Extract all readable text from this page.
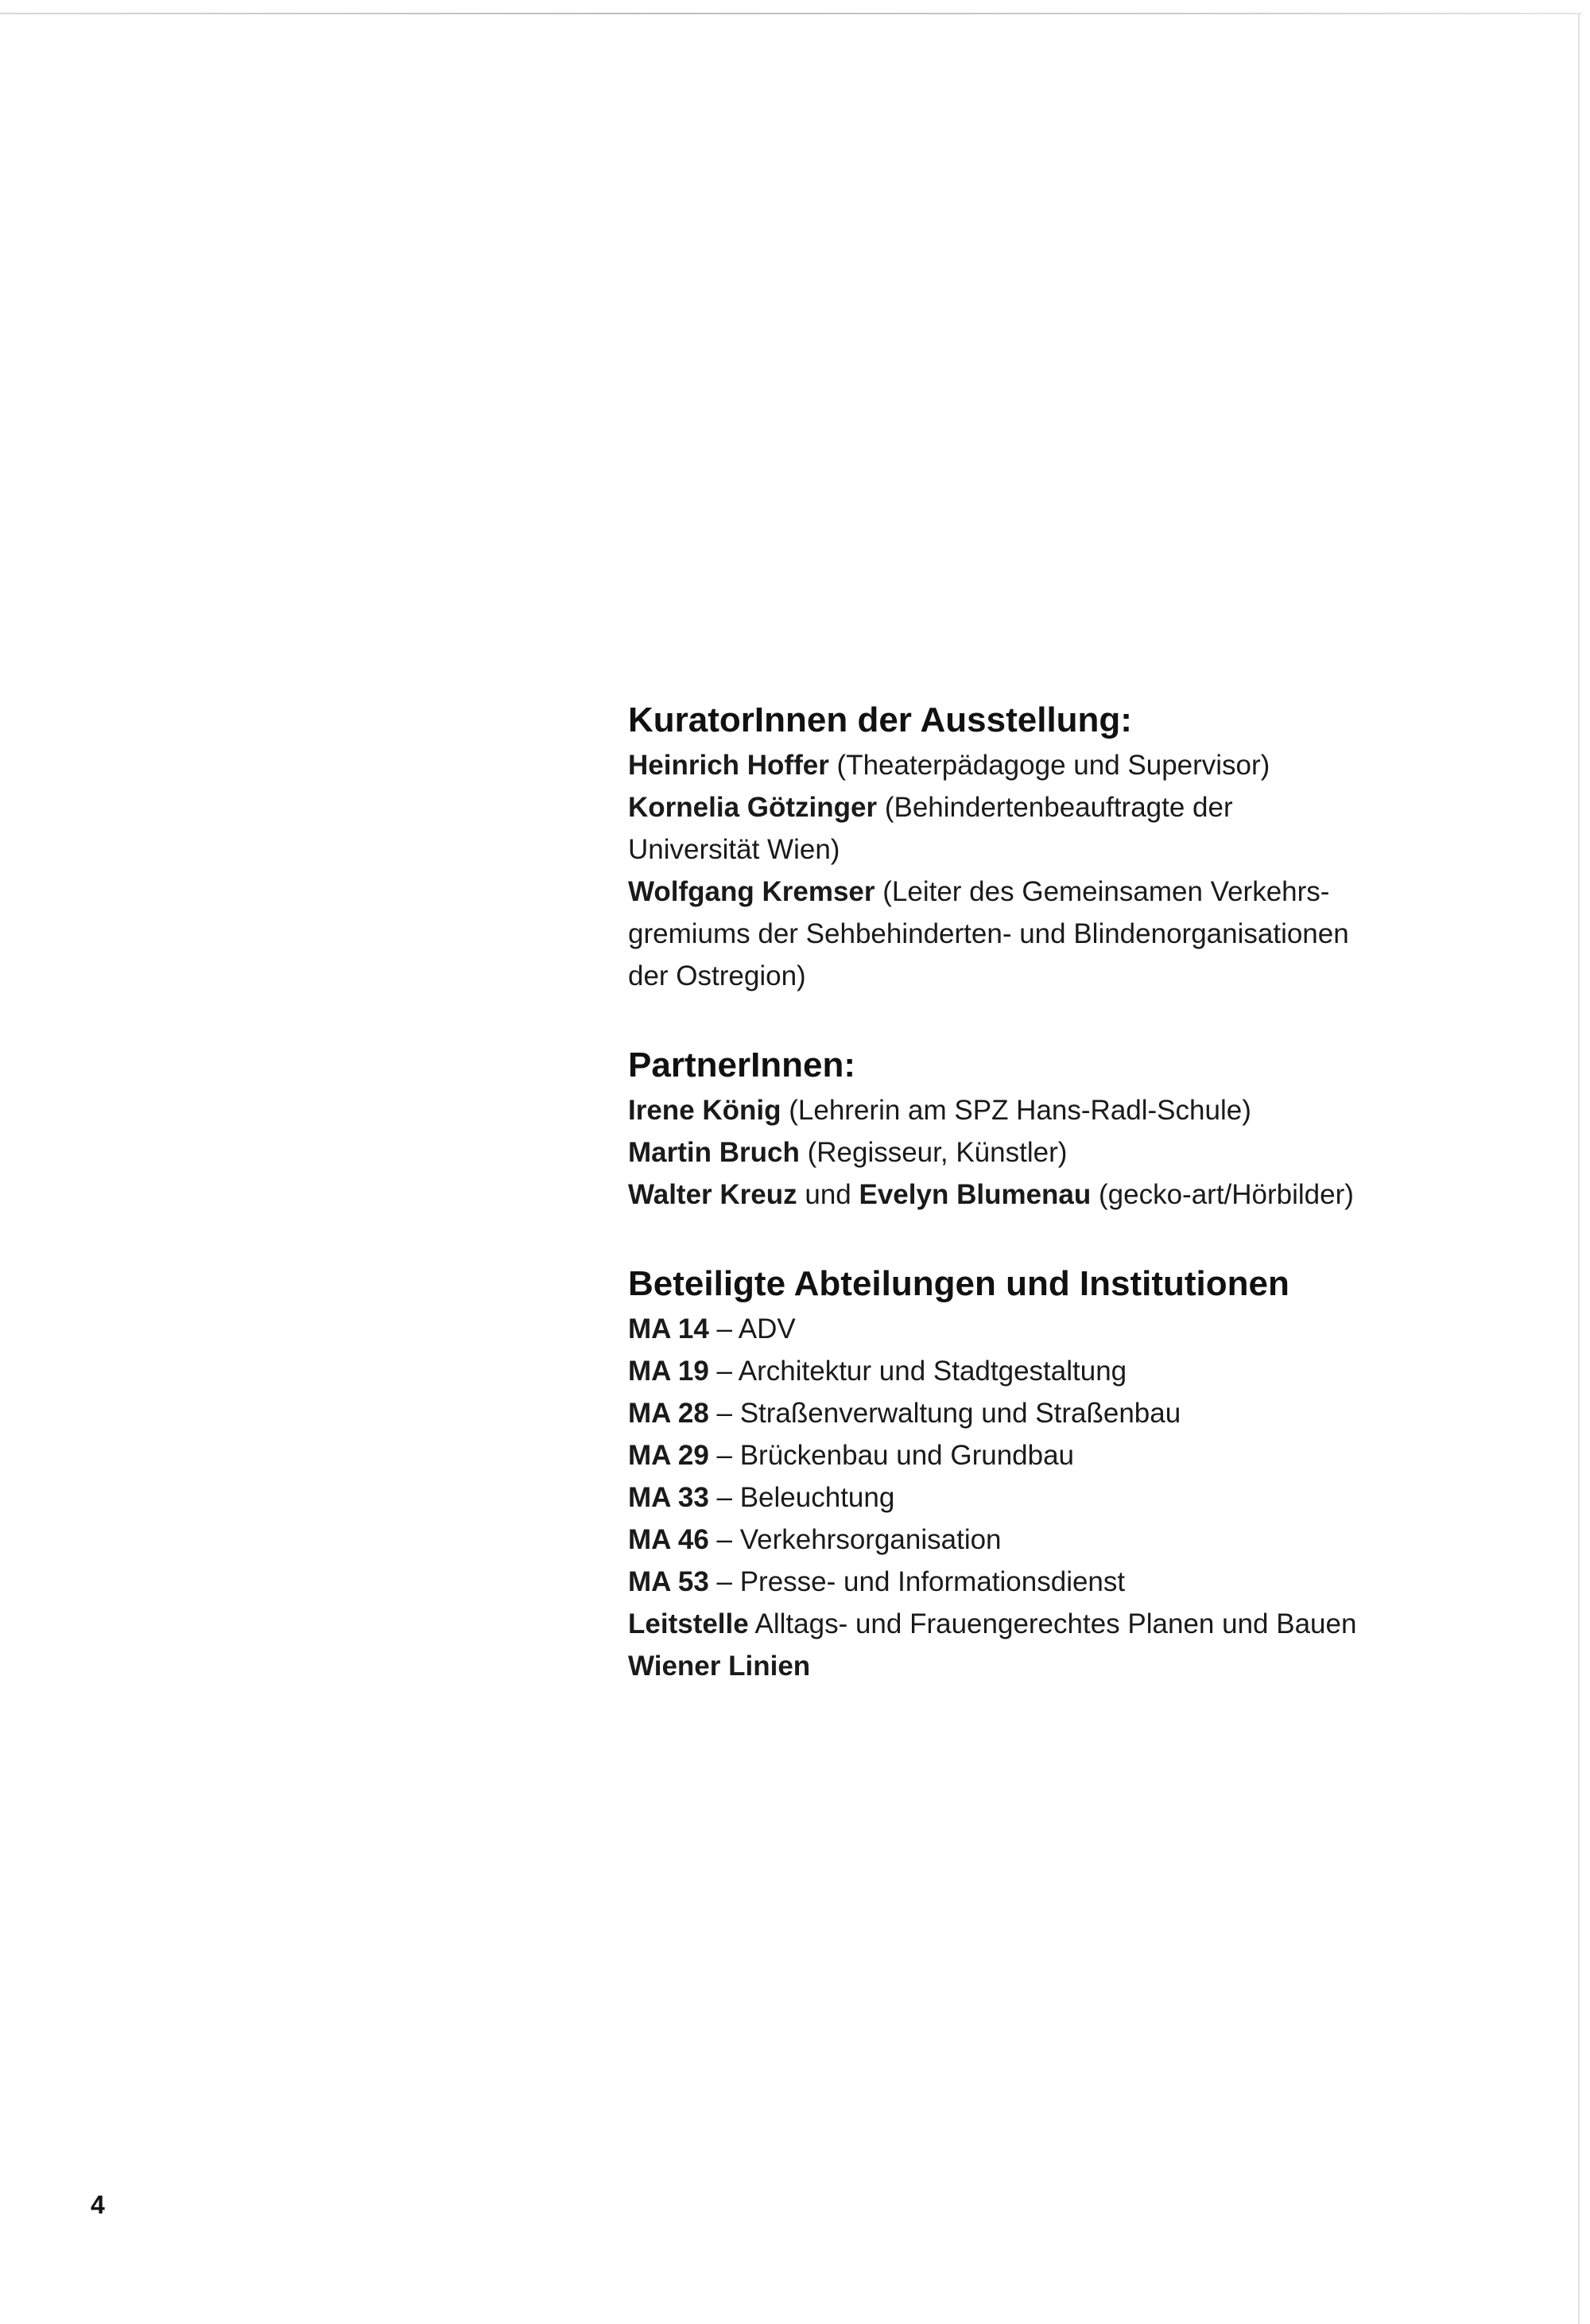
KuratorInnen der Ausstellung:

Heinrich Hoffer (Theaterpädagoge und Supervisor)

Kornelia Götzinger (Behindertenbeauftragte der

Universität Wien)

Wolfgang Kremser (Leiter des Gemeinsamen Verkehrs-

gremiums der Sehbehinderten- und Blindenorganisationen

der Ostregion)

PartnerInnen:

Irene König (Lehrerin am SPZ Hans-Radl-Schule)

Martin Bruch (Regisseur, Künstler)

Walter Kreuz und Evelyn Blumenau (gecko-art/Hörbilder)

Beteiligte Abteilungen und Institutionen

MA 14 – ADV

MA 19 – Architektur und Stadtgestaltung

MA 28 – Straßenverwaltung und Straßenbau

MA 29 – Brückenbau und Grundbau

MA 33 – Beleuchtung

MA 46 – Verkehrsorganisation

MA 53 – Presse- und Informationsdienst

Leitstelle Alltags- und Frauengerechtes Planen und Bauen

Wiener Linien

4
